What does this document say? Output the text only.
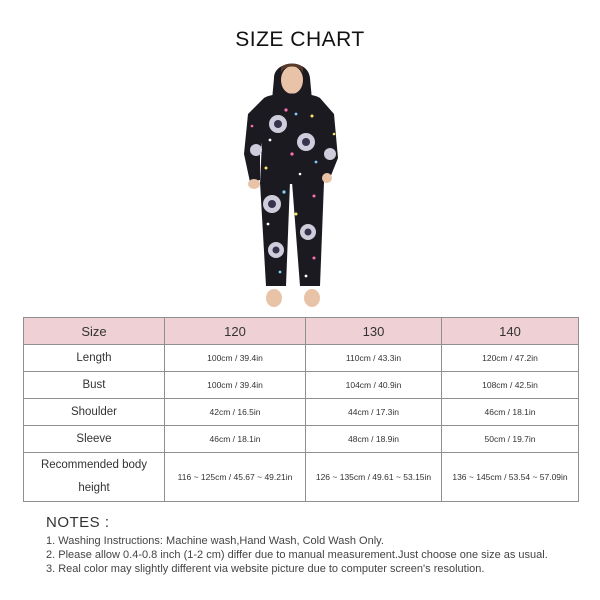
SIZE CHART
Size	120	130	140
Length	100cm / 39.4in	110cm / 43.3in	120cm / 47.2in
Bust	100cm / 39.4in	104cm / 40.9in	108cm / 42.5in
Shoulder	42cm / 16.5in	44cm / 17.3in	46cm / 18.1in
Sleeve	46cm / 18.1in	48cm / 18.9in	50cm / 19.7in
Recommended body
height	116 ~ 125cm / 45.67 ~ 49.21in	126 ~ 135cm / 49.61 ~ 53.15in	136 ~ 145cm / 53.54 ~ 57.09in
NOTES :
1. Washing Instructions: Machine wash,Hand Wash, Cold Wash Only.
2. Please allow 0.4-0.8 inch (1-2 cm) differ due to manual measurement.Just choose one size as usual.
3. Real color may slightly different via website picture due to computer screen's resolution.
